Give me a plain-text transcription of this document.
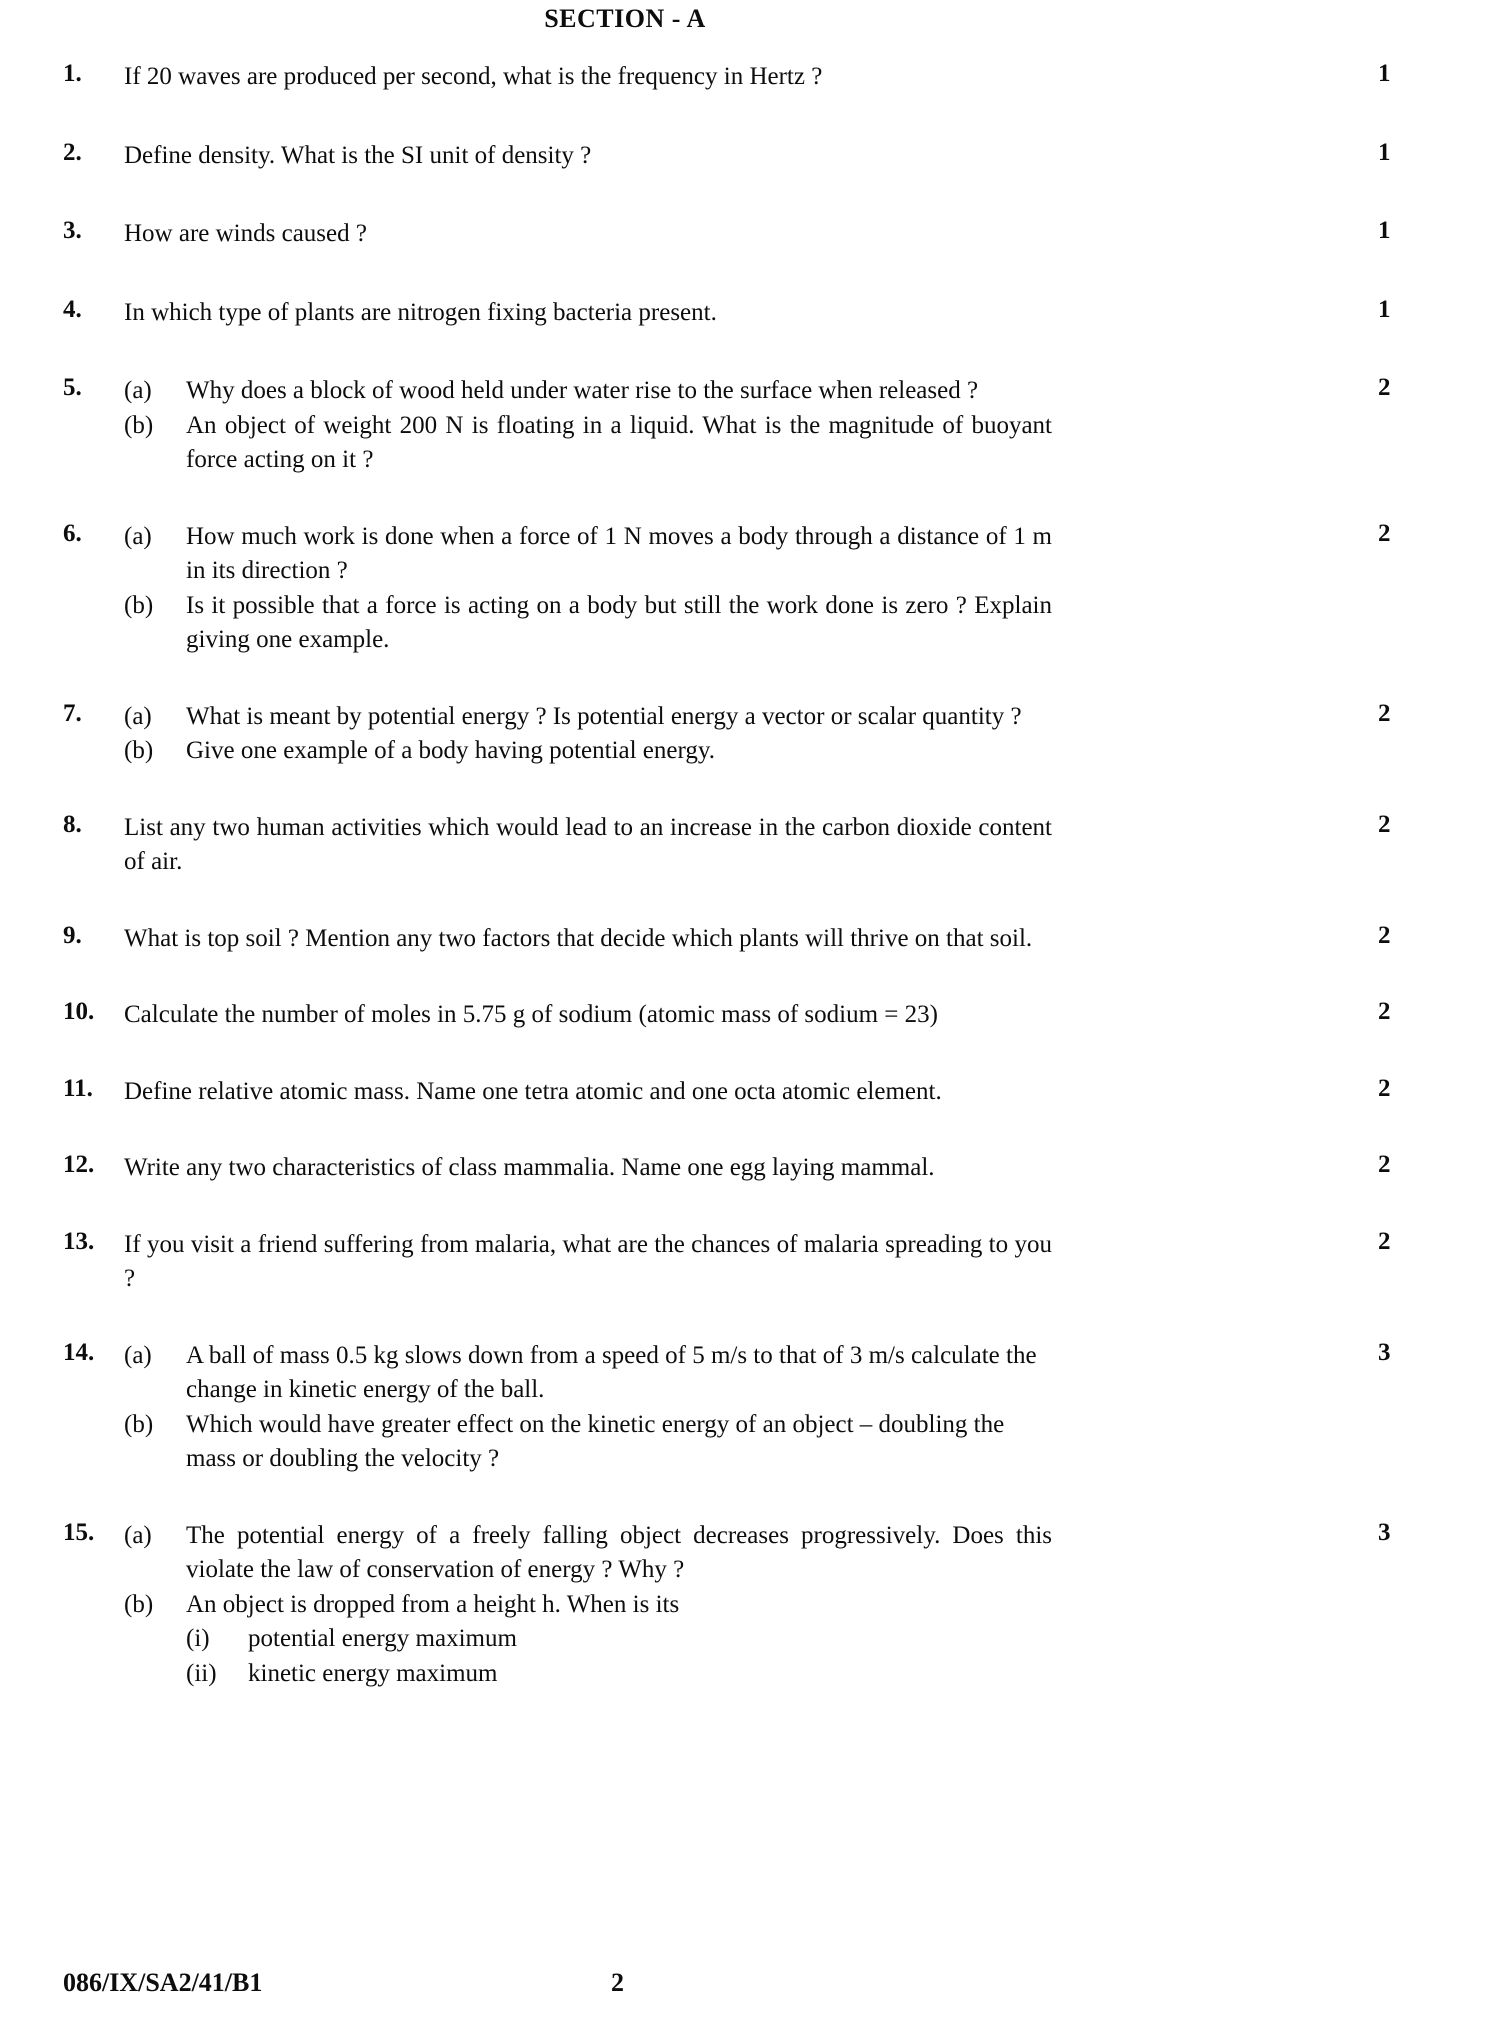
SECTION - A
1.	1
If 20 waves are produced per second, what is the frequency in Hertz ?
2.	1
Define density. What is the SI unit of density ?
3.	1
How are winds caused ?
4.	1
In which type of plants are nitrogen fixing bacteria present.
5.	2
(a)	Why does a block of wood held under water rise to the surface when released ?
(b)	An object of weight 200 N is floating in a liquid. What is the magnitude of buoyant force acting on it ?
6.	2
(a)	How much work is done when a force of 1 N moves a body through a distance of 1 m in its direction ?
(b)	Is it possible that a force is acting on a body but still the work done is zero ? Explain giving one example.
7.	2
(a)	What is meant by potential energy ? Is potential energy a vector or scalar quantity ?
(b)	Give one example of a body having potential energy.
8.	2
List any two human activities which would lead to an increase in the carbon dioxide content of air.
9.	2
What is top soil ? Mention any two factors that decide which plants will thrive on that soil.
10.	2
Calculate the number of moles in 5.75 g of sodium (atomic mass of sodium = 23)
11.	2
Define relative atomic mass. Name one tetra atomic and one octa atomic element.
12.	2
Write any two characteristics of class mammalia. Name one egg laying mammal.
13.	2
If you visit a friend suffering from malaria, what are the chances of malaria spreading to you ?
14.	3
(a)	A ball of mass 0.5 kg slows down from a speed of 5 m/s to that of 3 m/s calculate the change in kinetic energy of the ball.
(b)	Which would have greater effect on the kinetic energy of an object – doubling the mass or doubling the velocity ?
15.	3
(a)	The potential energy of a freely falling object decreases progressively. Does this violate the law of conservation of energy ? Why ?
(b)	An object is dropped from a height h. When is its
(i)	potential energy maximum
(ii)	kinetic energy maximum
086/IX/SA2/41/B1	2
